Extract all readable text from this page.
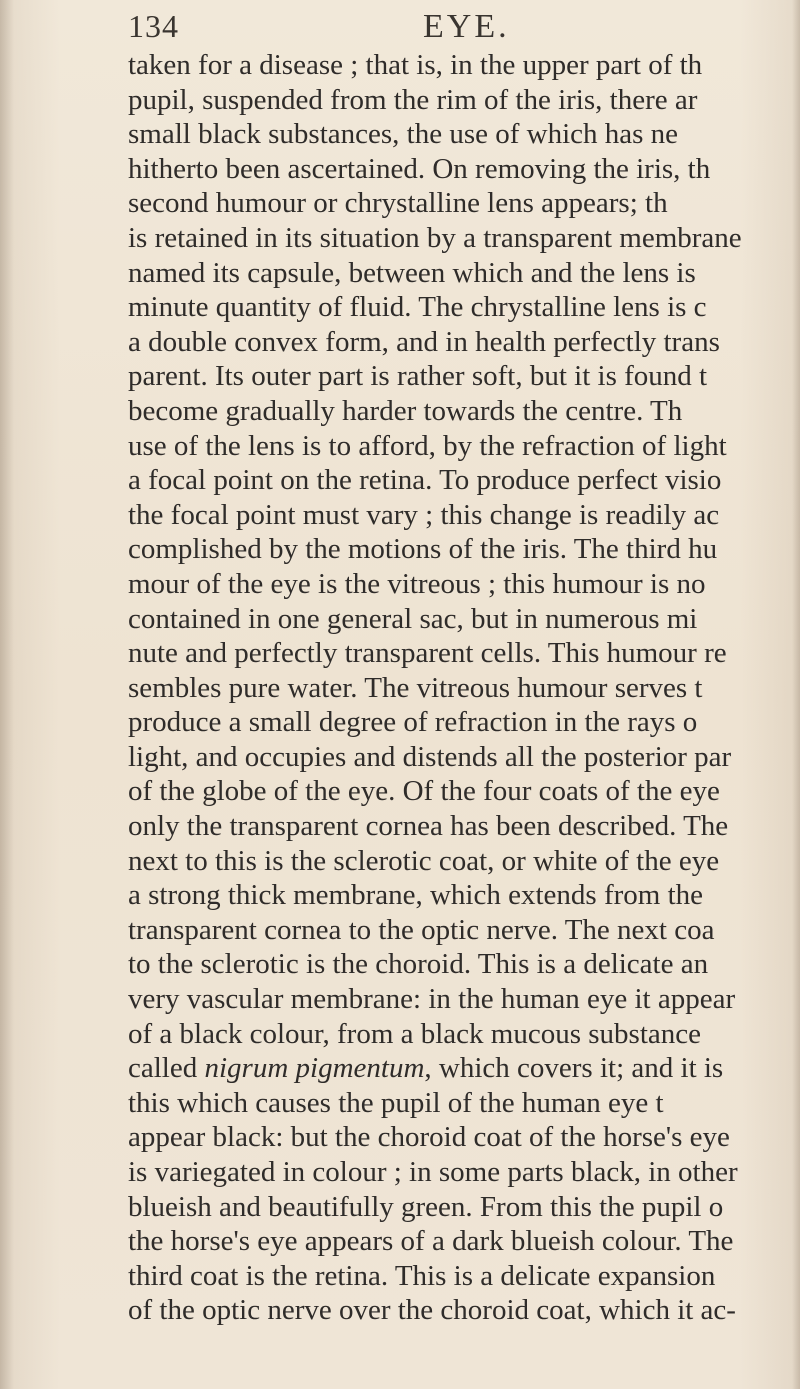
134	EYE.
taken for a disease ; that is, in the upper part of th
pupil, suspended from the rim of the iris, there ar
small black substances, the use of which has ne
hitherto been ascertained. On removing the iris, th
second humour or chrystalline lens appears; th
is retained in its situation by a transparent membrane
named its capsule, between which and the lens is
minute quantity of fluid. The chrystalline lens is c
a double convex form, and in health perfectly trans
parent. Its outer part is rather soft, but it is found t
become gradually harder towards the centre. Th
use of the lens is to afford, by the refraction of light
a focal point on the retina. To produce perfect visio
the focal point must vary ; this change is readily ac
complished by the motions of the iris. The third hu
mour of the eye is the vitreous ; this humour is no
contained in one general sac, but in numerous mi
nute and perfectly transparent cells. This humour re
sembles pure water. The vitreous humour serves t
produce a small degree of refraction in the rays o
light, and occupies and distends all the posterior par
of the globe of the eye. Of the four coats of the eye
only the transparent cornea has been described. The
next to this is the sclerotic coat, or white of the eye
a strong thick membrane, which extends from the
transparent cornea to the optic nerve. The next coa
to the sclerotic is the choroid. This is a delicate an
very vascular membrane: in the human eye it appear
of a black colour, from a black mucous substance
called nigrum pigmentum, which covers it; and it is
this which causes the pupil of the human eye t
appear black: but the choroid coat of the horse's eye
is variegated in colour ; in some parts black, in other
blueish and beautifully green. From this the pupil o
the horse's eye appears of a dark blueish colour. The
third coat is the retina. This is a delicate expansion
of the optic nerve over the choroid coat, which it ac-
